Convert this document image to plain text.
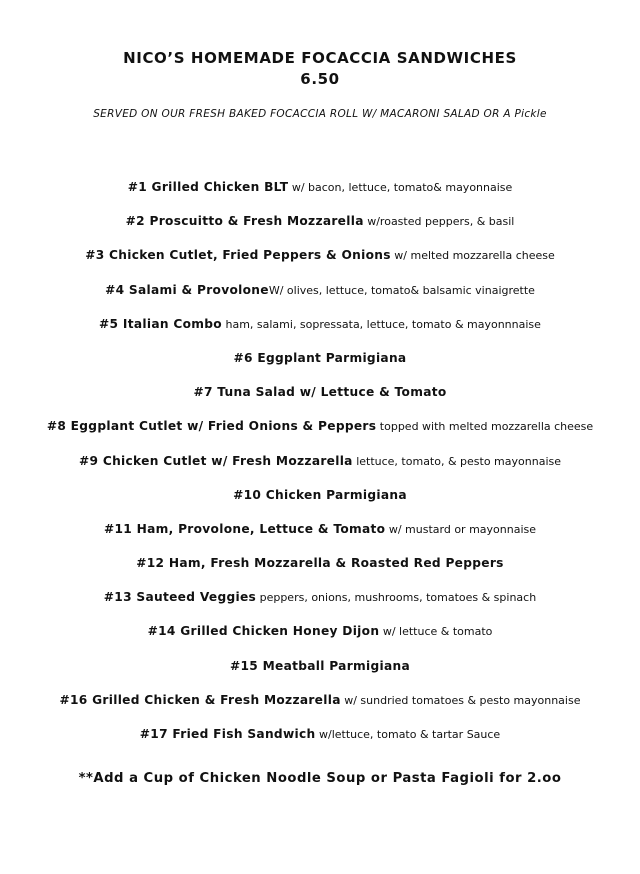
NICO’S HOMEMADE FOCACCIA SANDWICHES
6.50
SERVED ON OUR FRESH BAKED FOCACCIA ROLL W/ MACARONI SALAD OR A Pickle
#1 Grilled Chicken BLT w/ bacon, lettuce, tomato& mayonnaise
#2 Proscuitto & Fresh Mozzarella w/roasted peppers, & basil
#3 Chicken Cutlet, Fried Peppers & Onions w/ melted mozzarella cheese
#4 Salami & ProvoloneW/ olives, lettuce, tomato& balsamic vinaigrette
#5 Italian Combo ham, salami, sopressata, lettuce, tomato & mayonnnaise
#6 Eggplant Parmigiana
#7 Tuna Salad w/ Lettuce & Tomato
#8 Eggplant Cutlet w/ Fried Onions & Peppers topped with melted mozzarella cheese
#9 Chicken Cutlet w/ Fresh Mozzarella lettuce, tomato, & pesto mayonnaise
#10 Chicken Parmigiana
#11 Ham, Provolone, Lettuce & Tomato w/ mustard or mayonnaise
#12 Ham, Fresh Mozzarella & Roasted Red Peppers
#13 Sauteed Veggies peppers, onions, mushrooms, tomatoes & spinach
#14 Grilled Chicken Honey Dijon w/ lettuce & tomato
#15 Meatball Parmigiana
#16 Grilled Chicken & Fresh Mozzarella w/ sundried tomatoes & pesto mayonnaise
#17 Fried Fish Sandwich w/lettuce, tomato & tartar Sauce
**Add a Cup of Chicken Noodle Soup or Pasta Fagioli for 2.oo
